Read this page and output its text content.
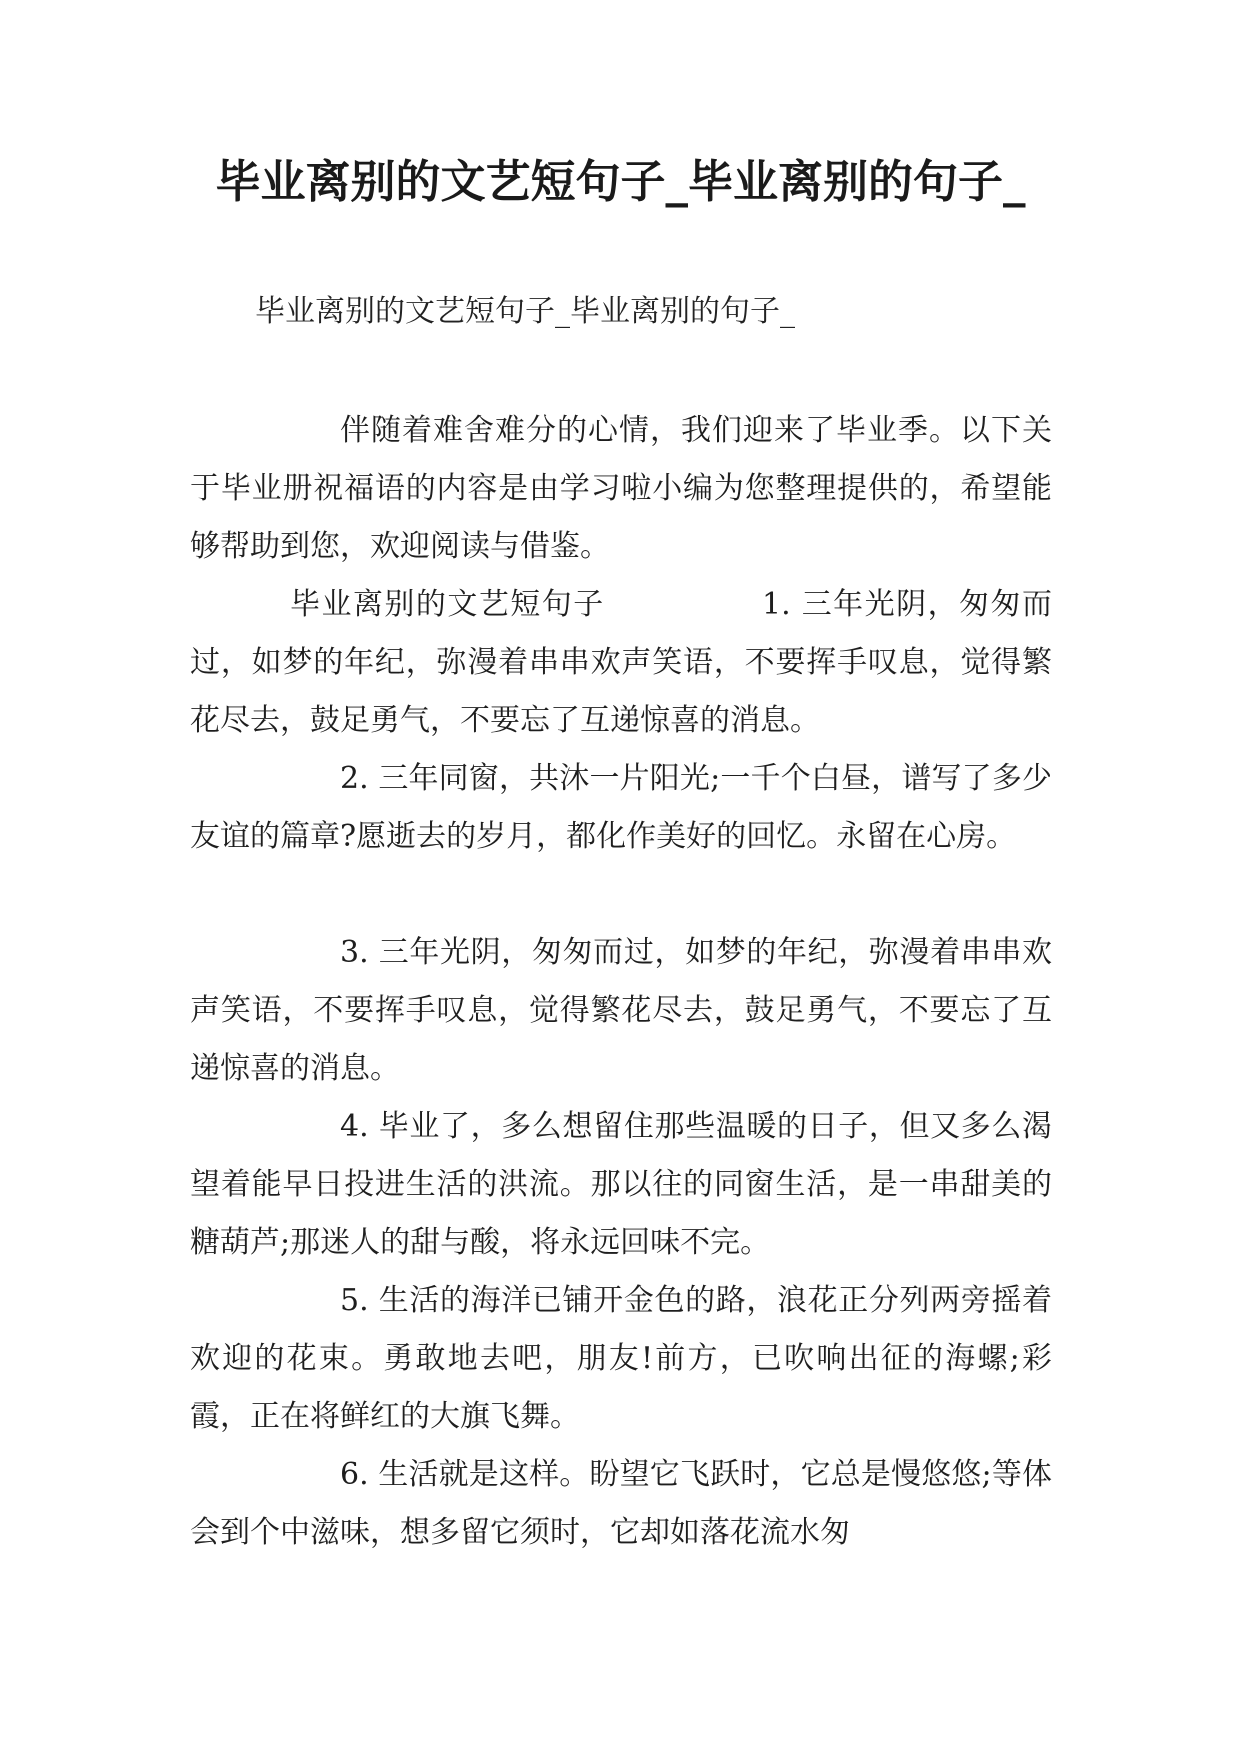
毕业离别的文艺短句子_毕业离别的句子_
毕业离别的文艺短句子_毕业离别的句子_

伴随着难舍难分的心情，我们迎来了毕业季。以下关于毕业册祝福语的内容是由学习啦小编为您整理提供的，希望能够帮助到您，欢迎阅读与借鉴。

毕业离别的文艺短句子　　　　　1. 三年光阴，匆匆而过，如梦的年纪，弥漫着串串欢声笑语，不要挥手叹息，觉得繁花尽去，鼓足勇气，不要忘了互递惊喜的消息。

2. 三年同窗，共沐一片阳光;一千个白昼，谱写了多少友谊的篇章?愿逝去的岁月，都化作美好的回忆。永留在心房。

3. 三年光阴，匆匆而过，如梦的年纪，弥漫着串串欢声笑语，不要挥手叹息，觉得繁花尽去，鼓足勇气，不要忘了互递惊喜的消息。

4. 毕业了，多么想留住那些温暖的日子，但又多么渴望着能早日投进生活的洪流。那以往的同窗生活，是一串甜美的糖葫芦;那迷人的甜与酸，将永远回味不完。

5. 生活的海洋已铺开金色的路，浪花正分列两旁摇着欢迎的花束。勇敢地去吧，朋友!前方，已吹响出征的海螺;彩霞，正在将鲜红的大旗飞舞。

6. 生活就是这样。盼望它飞跃时，它总是慢悠悠;等体会到个中滋味，想多留它须时，它却如落花流水匆
